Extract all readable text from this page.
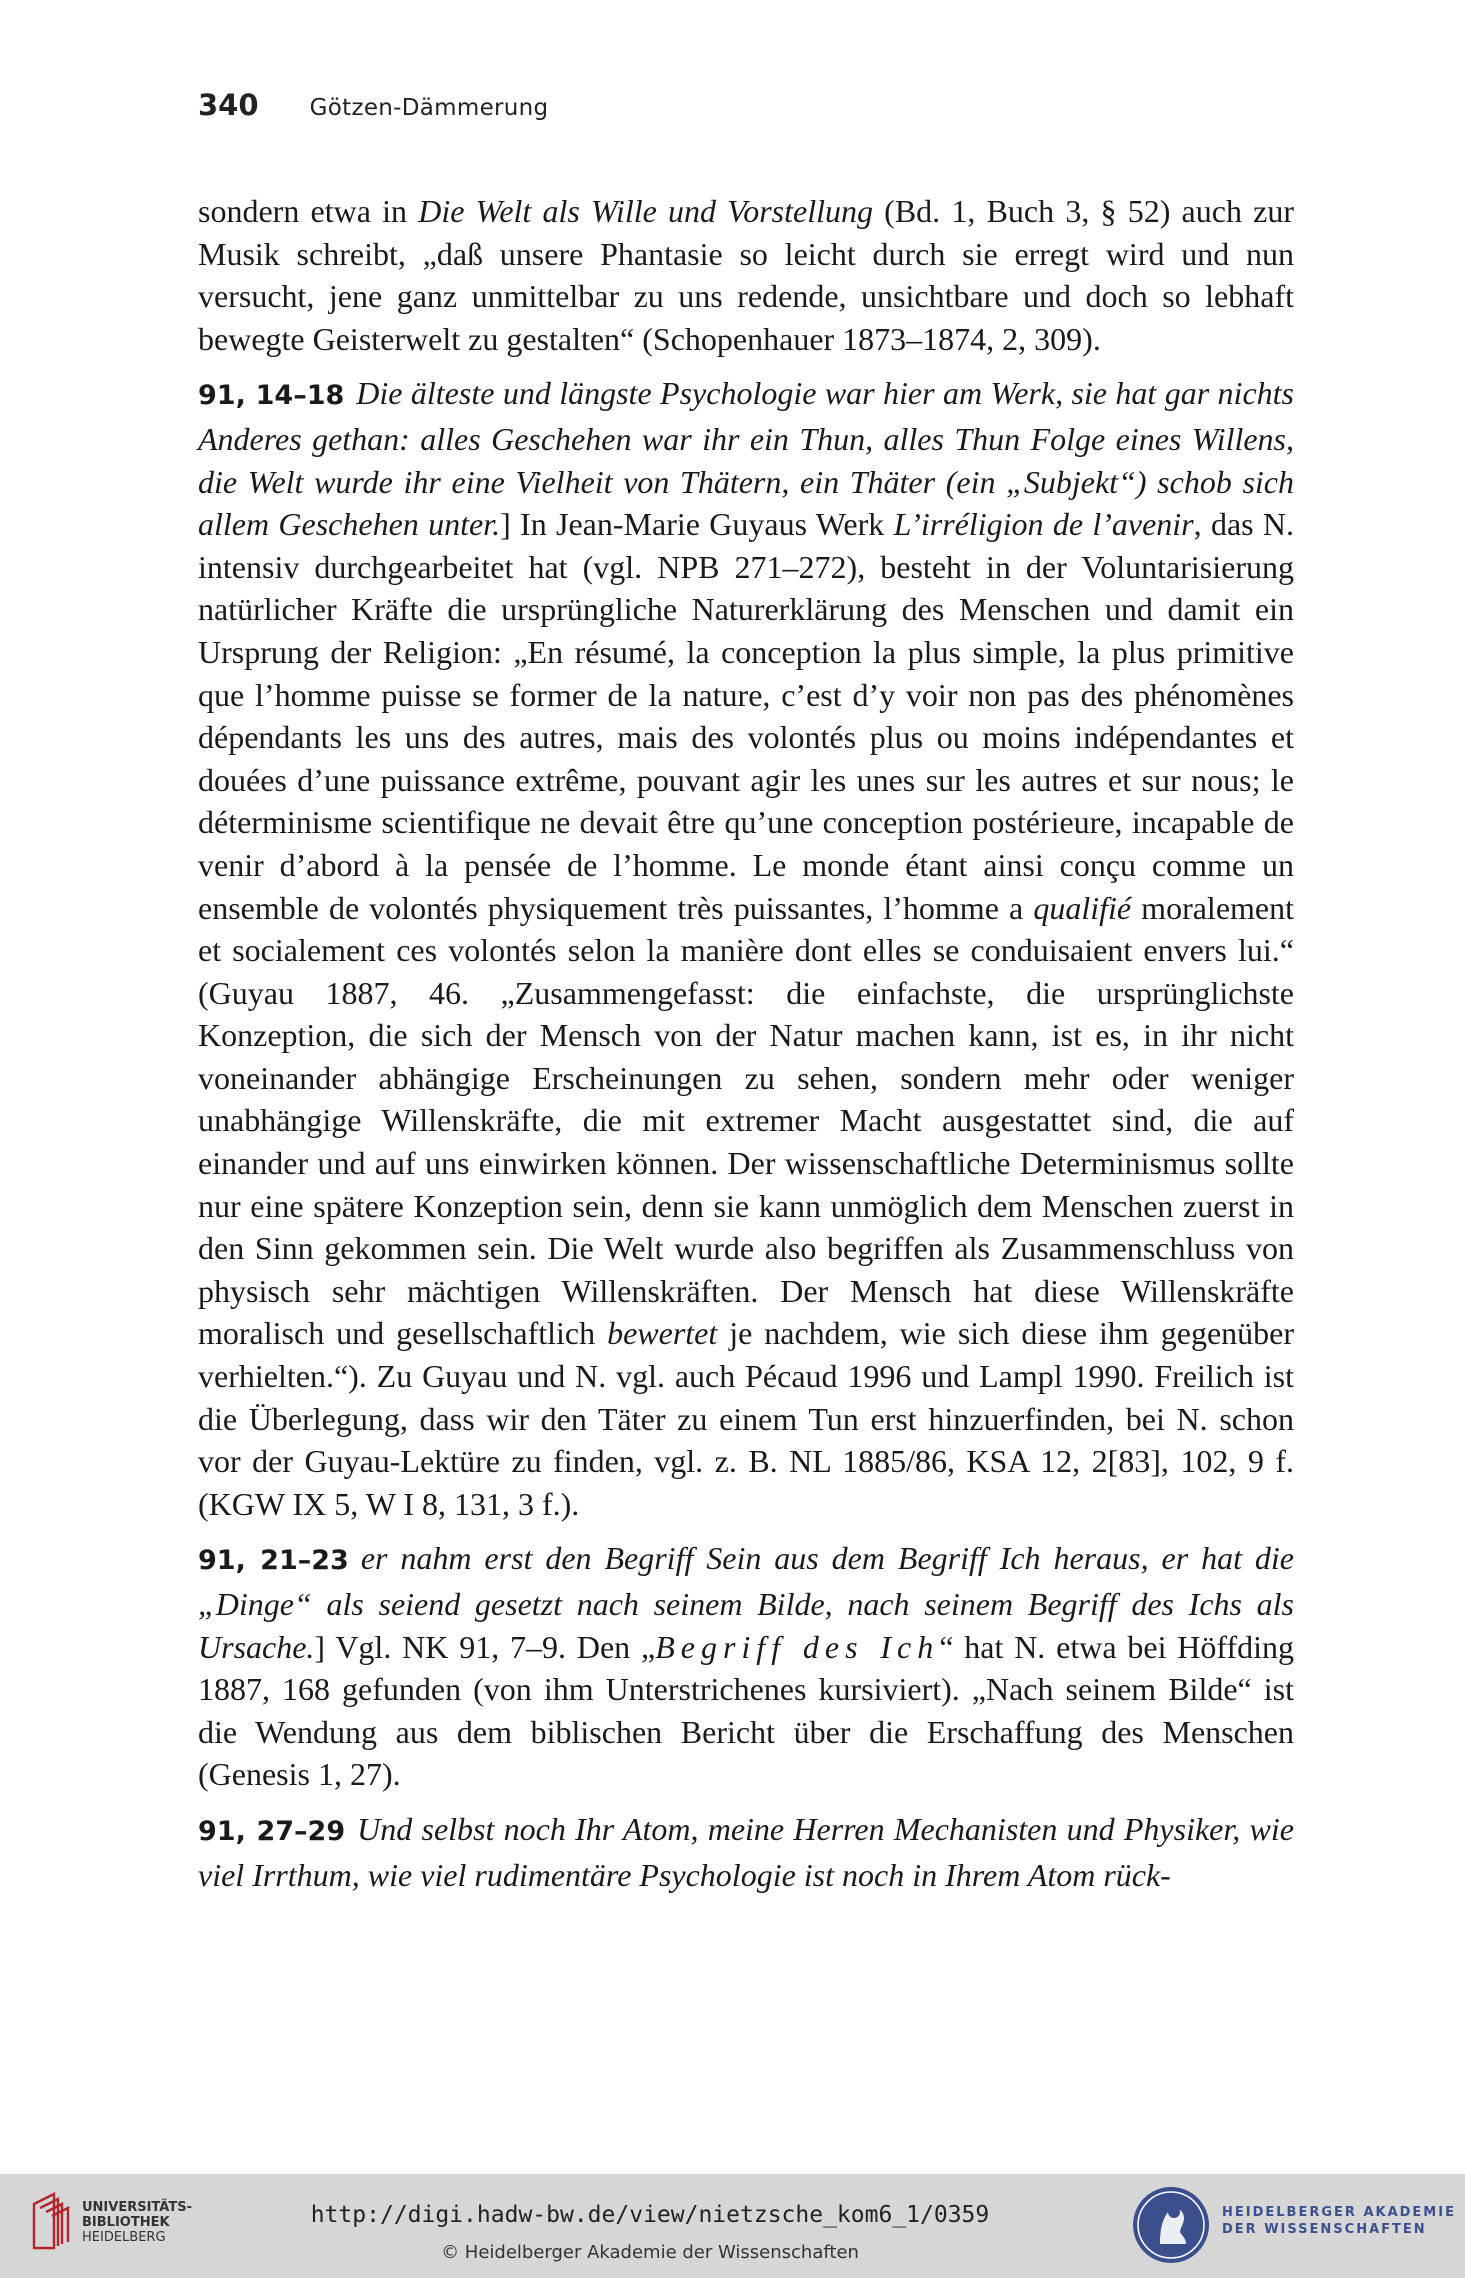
340 Götzen-Dämmerung

sondern etwa in Die Welt als Wille und Vorstellung (Bd. 1, Buch 3, § 52) auch zur Musik schreibt, „daß unsere Phantasie so leicht durch sie erregt wird und nun versucht, jene ganz unmittelbar zu uns redende, unsichtbare und doch so lebhaft bewegte Geisterwelt zu gestalten“ (Schopenhauer 1873–1874, 2, 309).

91, 14–18 Die älteste und längste Psychologie war hier am Werk, sie hat gar nichts Anderes gethan: alles Geschehen war ihr ein Thun, alles Thun Folge eines Willens, die Welt wurde ihr eine Vielheit von Thätern, ein Thäter (ein „Subjekt“) schob sich allem Geschehen unter.] In Jean-Marie Guyaus Werk L’irréligion de l’avenir, das N. intensiv durchgearbeitet hat (vgl. NPB 271–272), besteht in der Voluntarisierung natürlicher Kräfte die ursprüngliche Naturerklärung des Menschen und damit ein Ursprung der Religion: „En résumé, la conception la plus simple, la plus primitive que l’homme puisse se former de la nature, c’est d’y voir non pas des phénomènes dépendants les uns des autres, mais des volontés plus ou moins indépendantes et douées d’une puissance extrême, pouvant agir les unes sur les autres et sur nous; le déterminisme scientifique ne devait être qu’une conception postérieure, incapable de venir d’abord à la pensée de l’homme. Le monde étant ainsi conçu comme un ensemble de volontés physiquement très puissantes, l’homme a qualifié moralement et socialement ces volontés selon la manière dont elles se conduisaient envers lui.“ (Guyau 1887, 46. „Zusammengefasst: die einfachste, die ursprünglichste Konzeption, die sich der Mensch von der Natur machen kann, ist es, in ihr nicht voneinander abhängige Erscheinungen zu sehen, sondern mehr oder weniger unabhängige Willenskräfte, die mit extremer Macht ausgestattet sind, die auf einander und auf uns einwirken können. Der wissenschaftliche Determinismus sollte nur eine spätere Konzeption sein, denn sie kann unmöglich dem Menschen zuerst in den Sinn gekommen sein. Die Welt wurde also begriffen als Zusammenschluss von physisch sehr mächtigen Willenskräften. Der Mensch hat diese Willenskräfte moralisch und gesellschaftlich bewertet je nachdem, wie sich diese ihm gegenüber verhielten.“). Zu Guyau und N. vgl. auch Pécaud 1996 und Lampl 1990. Freilich ist die Überlegung, dass wir den Täter zu einem Tun erst hinzuerfinden, bei N. schon vor der Guyau-Lektüre zu finden, vgl. z. B. NL 1885/86, KSA 12, 2[83], 102, 9 f. (KGW IX 5, W I 8, 131, 3 f.).

91, 21–23 er nahm erst den Begriff Sein aus dem Begriff Ich heraus, er hat die „Dinge“ als seiend gesetzt nach seinem Bilde, nach seinem Begriff des Ichs als Ursache.] Vgl. NK 91, 7–9. Den „Begriff des Ich“ hat N. etwa bei Höffding 1887, 168 gefunden (von ihm Unterstrichenes kursiviert). „Nach seinem Bilde“ ist die Wendung aus dem biblischen Bericht über die Erschaffung des Menschen (Genesis 1, 27).

91, 27–29 Und selbst noch Ihr Atom, meine Herren Mechanisten und Physiker, wie viel Irrthum, wie viel rudimentäre Psychologie ist noch in Ihrem Atom rück-

UNIVERSITÄTS-
BIBLIOTHEK
HEIDELBERG
http://digi.hadw-bw.de/view/nietzsche_kom6_1/0359
© Heidelberger Akademie der Wissenschaften
HEIDELBERGER AKADEMIE
DER WISSENSCHAFTEN
